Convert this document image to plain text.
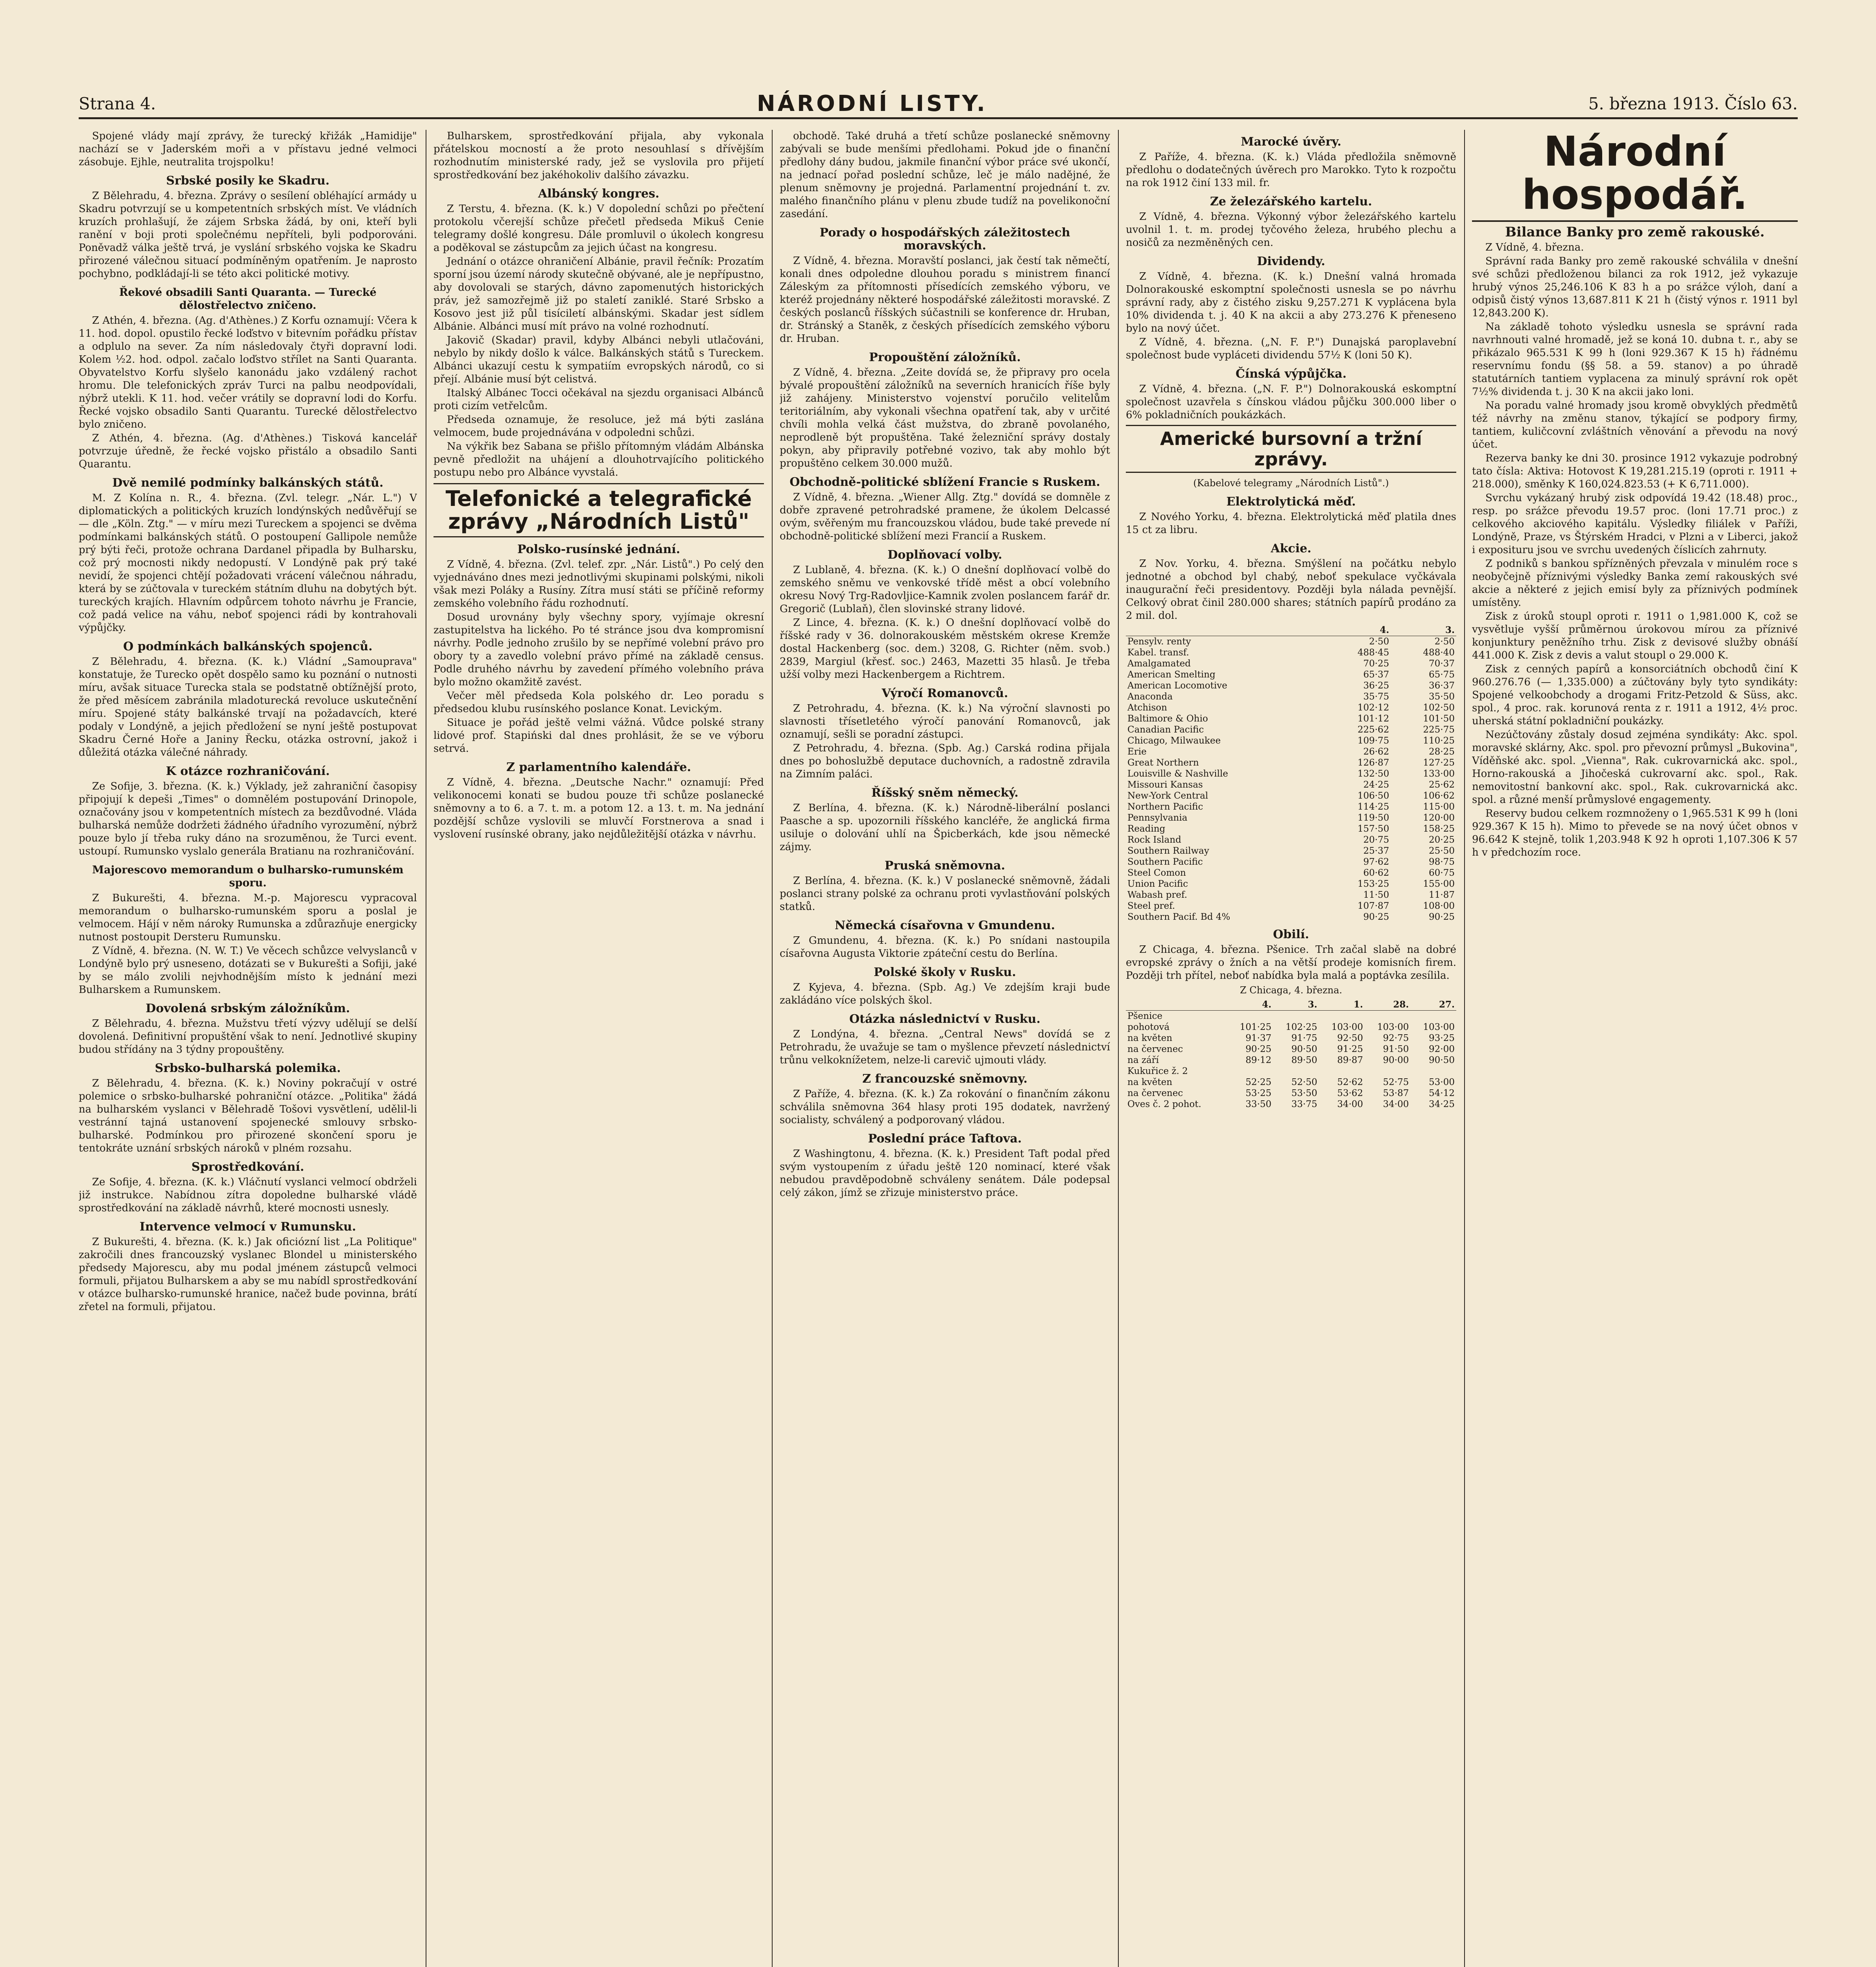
Strana 4.	NÁRODNÍ LISTY.	5. března 1913. Číslo 63.

Spojené vlády mají zprávy, že turecký křižák „Hamidije" nachází se v Jaderském moři a v přístavu jedné velmoci zásobuje. Ejhle, neutralita trojspolku!

Srbské posily ke Skadru.

Z Bělehradu, 4. března. Zprávy o sesílení obléhající armády u Skadru potvrzují se u kompetentních srbských míst. Ve vládních kruzích prohlašují, že zájem Srbska žádá, by oni, kteří byli ranění v boji proti společnému nepříteli, byli podporováni. Poněvadž válka ještě trvá, je vyslání srbského vojska ke Skadru přirozené válečnou situací podmíněným opatřením. Je naprosto pochybno, podkládají-li se této akci politické motivy.

Řekové obsadili Santi Quaranta. — Turecké dělostřelectvo zničeno.

Z Athén, 4. března. (Ag. d'Athènes.) Z Korfu oznamují: Včera k 11. hod. dopol. opustilo řecké loďstvo v bitevním pořádku přístav a odplulo na sever. Za ním následovaly čtyři dopravní lodi. Kolem ½2. hod. odpol. začalo loďstvo střílet na Santi Quaranta. Obyvatelstvo Korfu slyšelo kanonádu jako vzdálený rachot hromu. Dle telefonických zpráv Turci na palbu neodpovídali, nýbrž utekli. K 11. hod. večer vrátily se dopravní lodi do Korfu. Řecké vojsko obsadilo Santi Quarantu. Turecké dělostřelectvo bylo zničeno.

Z Athén, 4. března. (Ag. d'Athènes.) Tisková kancelář potvrzuje úředně, že řecké vojsko přistálo a obsadilo Santi Quarantu.

Dvě nemilé podmínky balkánských států.

M. Z Kolína n. R., 4. března. (Zvl. telegr. „Nár. L.") V diplomatických a politických kruzích londýnských nedůvěřují se — dle „Köln. Ztg." — v míru mezi Tureckem a spojenci se dvěma podmínkami balkánských států. O postoupení Gallipole nemůže prý býti řeči, protože ochrana Dardanel připadla by Bulharsku, což prý mocnosti nikdy nedopustí. V Londýně pak prý také nevidí, že spojenci chtějí požadovati vrácení válečnou náhradu, která by se zúčtovala v tureckém státním dluhu na dobytých být. tureckých krajích. Hlavním odpůrcem tohoto návrhu je Francie, což padá velice na váhu, neboť spojenci rádi by kontrahovali výpůjčky.

O podmínkách balkánských spojenců.

Z Bělehradu, 4. března. (K. k.) Vládní „Samouprava" konstatuje, že Turecko opět dospělo samo ku poznání o nutnosti míru, avšak situace Turecka stala se podstatně obtížnější proto, že před měsícem zabránila mladoturecká revoluce uskutečnění míru. Spojené státy balkánské trvají na požadavcích, které podaly v Londýně, a jejich předložení se nyní ještě postupovat Skadru Černé Hoře a Janiny Řecku, otázka ostrovní, jakož i důležitá otázka válečné náhrady.

K otázce rozhraničování.

Ze Sofije, 3. března. (K. k.) Výklady, jež zahraniční časopisy připojují k depeši „Times" o domnělém postupování Drinopole, označovány jsou v kompetentních místech za bezdůvodné. Vláda bulharská nemůže dodržeti žádného úřadního vyrozumění, nýbrž pouze bylo jí třeba ruky dáno na srozuměnou, že Turci event. ustoupí. Rumunsko vyslalo generála Bratianu na rozhraničování.

Majorescovo memorandum o bulharsko-rumunském sporu.

Z Bukurešti, 4. března. M.-p. Majorescu vypracoval memorandum o bulharsko-rumunském sporu a poslal je velmocem. Hájí v něm nároky Rumunska a zdůrazňuje energicky nutnost postoupit Dersteru Rumunsku.

Z Vídně, 4. března. (N. W. T.) Ve věcech schůzce velvyslanců v Londýně bylo prý usneseno, dotázati se v Bukurešti a Sofiji, jaké by se málo zvolili nejvhodnějším místo k jednání mezi Bulharskem a Rumunskem.

Dovolená srbským záložníkům.

Z Bělehradu, 4. března. Mužstvu třetí výzvy udělují se delší dovolená. Definitivní propuštění však to není. Jednotlivé skupiny budou střídány na 3 týdny propouštěny.

Srbsko-bulharská polemika.

Z Bělehradu, 4. března. (K. k.) Noviny pokračují v ostré polemice o srbsko-bulharské pohraniční otázce. „Politika" žádá na bulharském vyslanci v Bělehradě Tošovi vysvětlení, udělil-li vestránní tajná ustanovení spojenecké smlouvy srbsko-bulharské. Podmínkou pro přirozené skončení sporu je tentokráte uznání srbských nároků v plném rozsahu.

Sprostředkování.

Ze Sofije, 4. března. (K. k.) Vláčnutí vyslanci velmocí obdrželi již instrukce. Nabídnou zítra dopoledne bulharské vládě sprostředkování na základě návrhů, které mocnosti usnesly.

Intervence velmocí v Rumunsku.

Z Bukurešti, 4. března. (K. k.) Jak oficiózní list „La Politique" zakročili dnes francouzský vyslanec Blondel u ministerského předsedy Majorescu, aby mu podal jménem zástupců velmoci formuli, přijatou Bulharskem a aby se mu nabídl sprostředkování v otázce bulharsko-rumunské hranice, načež bude povinna, brátí zřetel na formuli, přijatou.

Bulharskem, sprostředkování přijala, aby vykonala přátelskou mocností a že proto nesouhlasí s dřívějším rozhodnutím ministerské rady, jež se vyslovila pro přijetí sprostředkování bez jakéhokoliv dalšího závazku.

Albánský kongres.

Z Terstu, 4. března. (K. k.) V dopolední schůzi po přečtení protokolu včerejší schůze přečetl předseda Mikuš Cenie telegramy došlé kongresu. Dále promluvil o úkolech kongresu a poděkoval se zástupcům za jejich účast na kongresu.

Jednání o otázce ohraničení Albánie, pravil řečník: Prozatím sporní jsou území národy skutečně obývané, ale je nepřípustno, aby dovolovali se starých, dávno zapomenutých historických práv, jež samozřejmě již po staletí zaniklé. Staré Srbsko a Kosovo jest již půl tisíciletí albánskými. Skadar jest sídlem Albánie. Albánci musí mít právo na volné rozhodnutí.

Jakovič (Skadar) pravil, kdyby Albánci nebyli utlačováni, nebylo by nikdy došlo k válce. Balkánských států s Tureckem. Albánci ukazují cestu k sympatiím evropských národů, co si přejí. Albánie musí být celistvá.

Italský Albánec Tocci očekával na sjezdu organisaci Albánců proti cizím vetřelcům.

Předseda oznamuje, že resoluce, jež má býti zaslána velmocem, bude projednávána v odpoledni schůzi.

Na výkřik bez Sabana se přišlo přítomným vládám Albánska pevně předložit na uhájení a dlouhotrvajícího politického postupu nebo pro Albánce vyvstalá.

Telefonické a telegrafické zprávy „Národních Listů"
Polsko-rusínské jednání.

Z Vídně, 4. března. (Zvl. telef. zpr. „Nár. Listů".) Po celý den vyjednáváno dnes mezi jednotlivými skupinami polskými, nikoli však mezi Poláky a Rusíny. Zítra musí státi se příčině reformy zemského volebního řádu rozhodnutí.

Dosud urovnány byly všechny spory, vyjímaje okresní zastupitelstva ha lického. Po té stránce jsou dva kompromisní návrhy. Podle jednoho zrušilo by se nepřímé volební právo pro obory ty a zavedlo volební právo přímé na základě census. Podle druhého návrhu by zavedení přímého volebního práva bylo možno okamžitě zavést.

Večer měl předseda Kola polského dr. Leo poradu s předsedou klubu rusínského poslance Konat. Levickým.

Situace je pořád ještě velmi vážná. Vůdce polské strany lidové prof. Stapiński dal dnes prohlásit, že se ve výboru setrvá.

Z parlamentního kalendáře.

Z Vídně, 4. března. „Deutsche Nachr." oznamují: Před velikonocemi konati se budou pouze tři schůze poslanecké sněmovny a to 6. a 7. t. m. a potom 12. a 13. t. m. Na jednání pozdější schůze vyslovili se mluvčí Forstnerova a snad i vyslovení rusínské obrany, jako nejdůležitější otázka v návrhu.

obchodě. Také druhá a třetí schůze poslanecké sněmovny zabývali se bude menšími předlohami. Pokud jde o finanční předlohy dány budou, jakmile finanční výbor práce své ukončí, na jednací pořad poslední schůze, leč je málo nadějné, že plenum sněmovny je projedná. Parlamentní projednání t. zv. malého finančního plánu v plenu zbude tudíž na povelikonoční zasedání.

Porady o hospodářských záležitostech moravských.

Z Vídně, 4. března. Moravští poslanci, jak čestí tak němečtí, konali dnes odpoledne dlouhou poradu s ministrem financí Záleským za přítomnosti přísedících zemského výboru, ve kteréž projednány některé hospodářské záležitosti moravské. Z českých poslanců říšských súčastnili se konference dr. Hruban, dr. Stránský a Staněk, z českých přísedících zemského výboru dr. Hruban.

Propouštění záložníků.

Z Vídně, 4. března. „Zeite dovídá se, že připravy pro ocela bývalé propouštění záložníků na severních hranicích říše byly již zahájeny. Ministerstvo vojenství poručilo velitelům teritoriálním, aby vykonali všechna opatření tak, aby v určité chvíli mohla velká část mužstva, do zbraně povolaného, neprodleně být propuštěna. Také železniční správy dostaly pokyn, aby připravily potřebné vozivo, tak aby mohlo být propuštěno celkem 30.000 mužů.

Obchodně-politické sblížení Francie s Ruskem.

Z Vídně, 4. března. „Wiener Allg. Ztg." dovídá se domněle z dobře zpravené petrohradské pramene, že úkolem Delcassé ovým, svěřeným mu francouzskou vládou, bude také prevede ní obchodně-politické sblížení mezi Francií a Ruskem.

Doplňovací volby.

Z Lublaně, 4. března. (K. k.) O dnešní doplňovací volbě do zemského sněmu ve venkovské třídě měst a obcí volebního okresu Nový Trg-Radovljice-Kamnik zvolen poslancem farář dr. Gregorič (Lublaň), člen slovinské strany lidové.

Z Lince, 4. března. (K. k.) O dnešní doplňovací volbě do říšské rady v 36. dolnorakouském městském okrese Kremže dostal Hackenberg (soc. dem.) 3208, G. Richter (něm. svob.) 2839, Margiul (křesť. soc.) 2463, Mazetti 35 hlasů. Je třeba užší volby mezi Hackenbergem a Richtrem.

Výročí Romanovců.

Z Petrohradu, 4. března. (K. k.) Na výroční slavnosti po slavnosti třísetletého výročí panování Romanovců, jak oznamují, sešli se poradní zástupci.

Z Petrohradu, 4. března. (Spb. Ag.) Carská rodina přijala dnes po bohoslužbě deputace duchovních, a radostně zdravila na Zimním paláci.

Říšský sněm německý.

Z Berlína, 4. března. (K. k.) Národně-liberální poslanci Paasche a sp. upozornili říšského kancléře, že anglická firma usiluje o dolování uhlí na Špicberkách, kde jsou německé zájmy.

Pruská sněmovna.

Z Berlína, 4. března. (K. k.) V poslanecké sněmovně, žádali poslanci strany polské za ochranu proti vyvlastňování polských statků.

Německá císařovna v Gmundenu.

Z Gmundenu, 4. března. (K. k.) Po snídani nastoupila císařovna Augusta Viktorie zpáteční cestu do Berlína.

Polské školy v Rusku.

Z Kyjeva, 4. března. (Spb. Ag.) Ve zdejším kraji bude zakládáno více polských škol.

Otázka následnictví v Rusku.

Z Londýna, 4. března. „Central News" dovídá se z Petrohradu, že uvažuje se tam o myšlence převzetí následnictví trůnu velkoknížetem, nelze-li carevič ujmouti vlády.

Z francouzské sněmovny.

Z Paříže, 4. března. (K. k.) Za rokování o finančním zákonu schválila sněmovna 364 hlasy proti 195 dodatek, navržený socialisty, schválený a podporovaný vládou.

Poslední práce Taftova.

Z Washingtonu, 4. března. (K. k.) President Taft podal před svým vystoupením z úřadu ještě 120 nominací, které však nebudou pravděpodobně schváleny senátem. Dále podepsal celý zákon, jímž se zřizuje ministerstvo práce.

Marocké úvěry.

Z Paříže, 4. března. (K. k.) Vláda předložila sněmovně předlohu o dodatečných úvěrech pro Marokko. Tyto k rozpočtu na rok 1912 činí 133 mil. fr.

Ze železářského kartelu.

Z Vídně, 4. března. Výkonný výbor železářského kartelu uvolnil 1. t. m. prodej tyčového železa, hrubého plechu a nosičů za nezměněných cen.

Dividendy.

Z Vídně, 4. března. (K. k.) Dnešní valná hromada Dolnorakouské eskomptní společnosti usnesla se po návrhu správní rady, aby z čistého zisku 9,257.271 K vyplácena byla 10% dividenda t. j. 40 K na akcii a aby 273.276 K přeneseno bylo na nový účet.

Z Vídně, 4. března. („N. F. P.") Dunajská paroplavební společnost bude vypláceti dividendu 57½ K (loni 50 K).

Čínská výpůjčka.

Z Vídně, 4. března. („N. F. P.") Dolnorakouská eskomptní společnost uzavřela s čínskou vládou půjčku 300.000 liber o 6% pokladničních poukázkách.

Americké bursovní a tržní zprávy.
(Kabelové telegramy „Národních Listů".)
Elektrolytická měď.

Z Nového Yorku, 4. března. Elektrolytická měď platila dnes 15 ct za libru.

Akcie.

Z Nov. Yorku, 4. března. Smýšlení na počátku nebylo jednotné a obchod byl chabý, neboť spekulace vyčkávala inaugurační řeči presidentovy. Později byla nálada pevnější. Celkový obrat činil 280.000 shares; státních papírů prodáno za 2 mil. dol.

	4.	3.
Pensylv. renty	2·50	2·50
Kabel. transf.	488·45	488·40
Amalgamated	70·25	70·37
American Smelting	65·37	65·75
American Locomotive	36·25	36·37
Anaconda	35·75	35·50
Atchison	102·12	102·50
Baltimore & Ohio	101·12	101·50
Canadian Pacific	225·62	225·75
Chicago, Milwaukee	109·75	110·25
Erie	26·62	28·25
Great Northern	126·87	127·25
Louisville & Nashville	132·50	133·00
Missouri Kansas	24·25	25·62
New-York Central	106·50	106·62
Northern Pacific	114·25	115·00
Pennsylvania	119·50	120·00
Reading	157·50	158·25
Rock Island	20·75	20·25
Southern Railway	25·37	25·50
Southern Pacific	97·62	98·75
Steel Comon	60·62	60·75
Union Pacific	153·25	155·00
Wabash pref.	11·50	11·87
Steel pref.	107·87	108·00
Southern Pacif. Bd 4%	90·25	90·25
Obilí.

Z Chicaga, 4. března. Pšenice. Trh začal slabě na dobré evropské zprávy o žních a na větší prodeje komisních firem. Později trh přítel, neboť nabídka byla malá a poptávka zesílila.

Z Chicaga, 4. března.
	4.	3.	1.	28.	27.
Pšenice					
pohotová	101·25	102·25	103·00	103·00	103·00
na květen	91·37	91·75	92·50	92·75	93·25
na červenec	90·25	90·50	91·25	91·50	92·00
na září	89·12	89·50	89·87	90·00	90·50
Kukuřice ž. 2					
na květen	52·25	52·50	52·62	52·75	53·00
na červenec	53·25	53·50	53·62	53·87	54·12
Oves č. 2 pohot.	33·50	33·75	34·00	34·00	34·25
Národní hospodář.
Bilance Banky pro země rakouské.

Z Vídně, 4. března.

Správní rada Banky pro země rakouské schválila v dnešní své schůzi předloženou bilanci za rok 1912, jež vykazuje hrubý výnos 25,246.106 K 83 h a po srážce výloh, daní a odpisů čistý výnos 13,687.811 K 21 h (čistý výnos r. 1911 byl 12,843.200 K).

Na základě tohoto výsledku usnesla se správní rada navrhnouti valné hromadě, jež se koná 10. dubna t. r., aby se přikázalo 965.531 K 99 h (loni 929.367 K 15 h) řádnému reservnímu fondu (§§ 58. a 59. stanov) a po úhradě statutárních tantiem vyplacena za minulý správní rok opět 7½% dividenda t. j. 30 K na akcii jako loni.

Na poradu valné hromady jsou kromě obvyklých předmětů též návrhy na změnu stanov, týkající se podpory firmy, tantiem, kuličcovní zvláštních věnování a převodu na nový účet.

Rezerva banky ke dni 30. prosince 1912 vykazuje podrobný tato čísla: Aktiva: Hotovost K 19,281.215.19 (oproti r. 1911 + 218.000), směnky K 160,024.823.53 (+ K 6,711.000).

Svrchu vykázaný hrubý zisk odpovídá 19.42 (18.48) proc., resp. po srážce převodu 19.57 proc. (loni 17.71 proc.) z celkového akciového kapitálu. Výsledky filiálek v Paříži, Londýně, Praze, vs Štýrském Hradci, v Plzni a v Liberci, jakož i exposituru jsou ve svrchu uvedených číslicích zahrnuty.

Z podniků s bankou spřízněných převzala v minulém roce s neobyčejně příznivými výsledky Banka zemí rakouských své akcie a některé z jejich emisí byly za příznivých podmínek umístěny.

Zisk z úroků stoupl oproti r. 1911 o 1,981.000 K, což se vysvětluje vyšší průměrnou úrokovou mírou za příznivé konjunktury peněžního trhu. Zisk z devisové služby obnáší 441.000 K. Zisk z devis a valut stoupl o 29.000 K.

Zisk z cenných papírů a konsorciátních obchodů činí K 960.276.76 (— 1,335.000) a zúčtovány byly tyto syndikáty: Spojené velkoobchody a drogami Fritz-Petzold & Süss, akc. spol., 4 proc. rak. korunová renta z r. 1911 a 1912, 4½ proc. uherská státní pokladniční poukázky.

Nezúčtovány zůstaly dosud zejména syndikáty: Akc. spol. moravské sklárny, Akc. spol. pro převozní průmysl „Bukovina", Víděňské akc. spol. „Vienna", Rak. cukrovarnická akc. spol., Horno-rakouská a Jihočeská cukrovarní akc. spol., Rak. nemovitostní bankovní akc. spol., Rak. cukrovarnická akc. spol. a různé menší průmyslové engagementy.

Reservy budou celkem rozmnoženy o 1,965.531 K 99 h (loni 929.367 K 15 h). Mimo to převede se na nový účet obnos v 96.642 K stejně, tolik 1,203.948 K 92 h oproti 1,107.306 K 57 h v předchozím roce.
